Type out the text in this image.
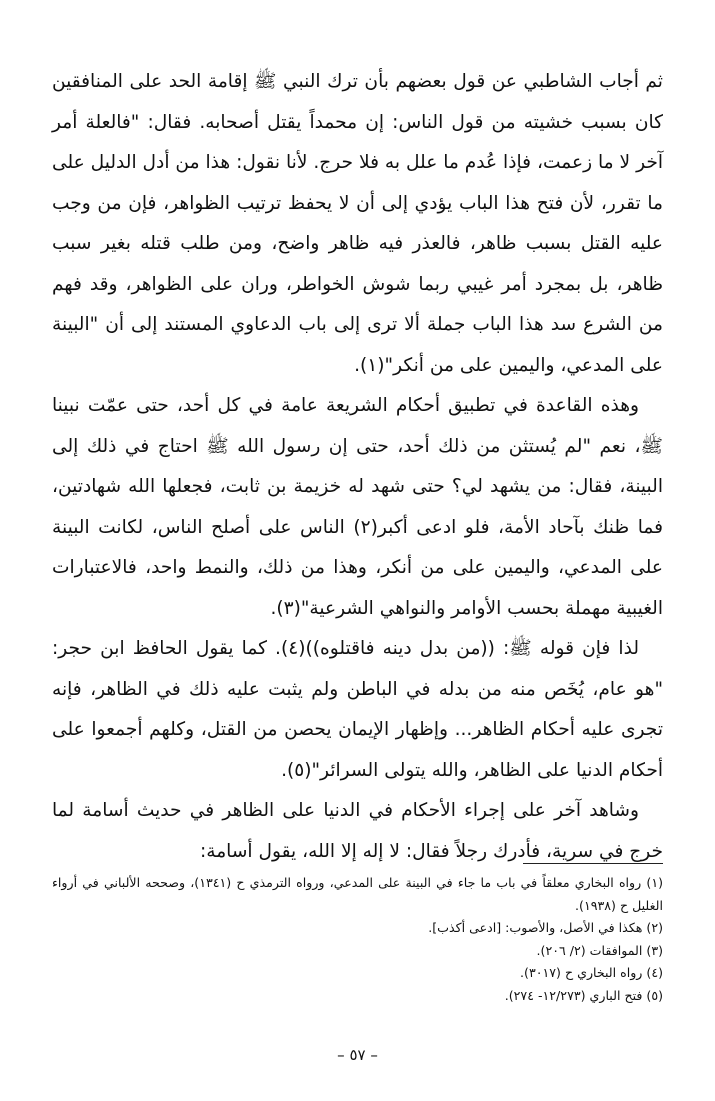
ثم أجاب الشاطبي عن قول بعضهم بأن ترك النبي ﷺ إقامة الحد على المنافقين كان بسبب خشيته من قول الناس: إن محمداً يقتل أصحابه. فقال: "فالعلة أمر آخر لا ما زعمت، فإذا عُدم ما علل به فلا حرج. لأنا نقول: هذا من أدل الدليل على ما تقرر، لأن فتح هذا الباب يؤدي إلى أن لا يحفظ ترتيب الظواهر، فإن من وجب عليه القتل بسبب ظاهر، فالعذر فيه ظاهر واضح، ومن طلب قتله بغير سبب ظاهر، بل بمجرد أمر غيبي ربما شوش الخواطر، وران على الظواهر، وقد فهم من الشرع سد هذا الباب جملة ألا ترى إلى باب الدعاوي المستند إلى أن "البينة على المدعي، واليمين على من أنكر"(١).

وهذه القاعدة في تطبيق أحكام الشريعة عامة في كل أحد، حتى عمّت نبينا ﷺ، نعم "لم يُستثن من ذلك أحد، حتى إن رسول الله ﷺ احتاج في ذلك إلى البينة، فقال: من يشهد لي؟ حتى شهد له خزيمة بن ثابت، فجعلها الله شهادتين، فما ظنك بآحاد الأمة، فلو ادعى أكبر(٢) الناس على أصلح الناس، لكانت البينة على المدعي، واليمين على من أنكر، وهذا من ذلك، والنمط واحد، فالاعتبارات الغيبية مهملة بحسب الأوامر والنواهي الشرعية"(٣).

لذا فإن قوله ﷺ: ((من بدل دينه فاقتلوه))(٤). كما يقول الحافظ ابن حجر: "هو عام، يُخَص منه من بدله في الباطن ولم يثبت عليه ذلك في الظاهر، فإنه تجرى عليه أحكام الظاهر... وإظهار الإيمان يحصن من القتل، وكلهم أجمعوا على أحكام الدنيا على الظاهر، والله يتولى السرائر"(٥).

وشاهد آخر على إجراء الأحكام في الدنيا على الظاهر في حديث أسامة لما خرج في سرية، فأدرك رجلاً فقال: لا إله إلا الله، يقول أسامة:

(١) رواه البخاري معلقاً في باب ما جاء في البينة على المدعي، ورواه الترمذي ح (١٣٤١)، وصححه الألباني في أرواء الغليل ح (١٩٣٨).

(٢) هكذا في الأصل، والأصوب: [ادعى أكذب].

(٣) الموافقات (٢/ ٢٠٦).

(٤) رواه البخاري ح (٣٠١٧).

(٥) فتح الباري (١٢/٢٧٣- ٢٧٤).

– ٥٧ –
